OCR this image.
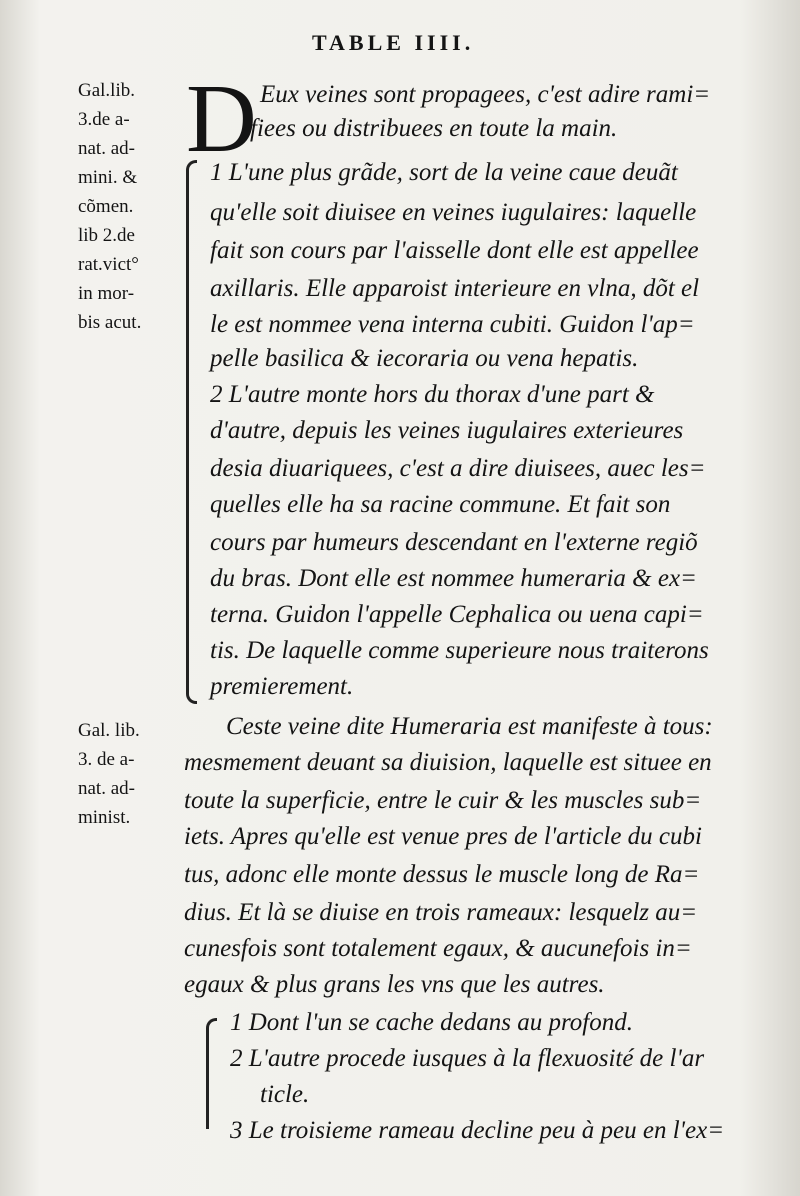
TABLE IIII.
D
Gal.lib.
3.de a-
nat. ad-
mini. &
cõmen.
lib 2.de
rat.vict°
in mor-
bis acut.
Gal. lib.
3. de a-
nat. ad-
minist.
Eux veines sont propagees, c'est adire rami=
fiees ou distribuees en toute la main.
1 L'une plus grãde, sort de la veine caue deuãt
qu'elle soit diuisee en veines iugulaires: laquelle
fait son cours par l'aisselle dont elle est appellee
axillaris. Elle apparoist interieure en vlna, dõt el
le est nommee vena interna cubiti. Guidon l'ap=
pelle basilica & iecoraria ou vena hepatis.
2 L'autre monte hors du thorax d'une part &
d'autre, depuis les veines iugulaires exterieures
desia diuariquees, c'est a dire diuisees, auec les=
quelles elle ha sa racine commune. Et fait son
cours par humeurs descendant en l'externe regiõ
du bras. Dont elle est nommee humeraria & ex=
terna. Guidon l'appelle Cephalica ou uena capi=
tis. De laquelle comme superieure nous traiterons
premierement.
Ceste veine dite Humeraria est manifeste à tous:
mesmement deuant sa diuision, laquelle est situee en
toute la superficie, entre le cuir & les muscles sub=
iets. Apres qu'elle est venue pres de l'article du cubi
tus, adonc elle monte dessus le muscle long de Ra=
dius. Et là se diuise en trois rameaux: lesquelz au=
cunesfois sont totalement egaux, & aucunefois in=
egaux & plus grans les vns que les autres.
1 Dont l'un se cache dedans au profond.
2 L'autre procede iusques à la flexuosité de l'ar
ticle.
3 Le troisieme rameau decline peu à peu en l'ex=
